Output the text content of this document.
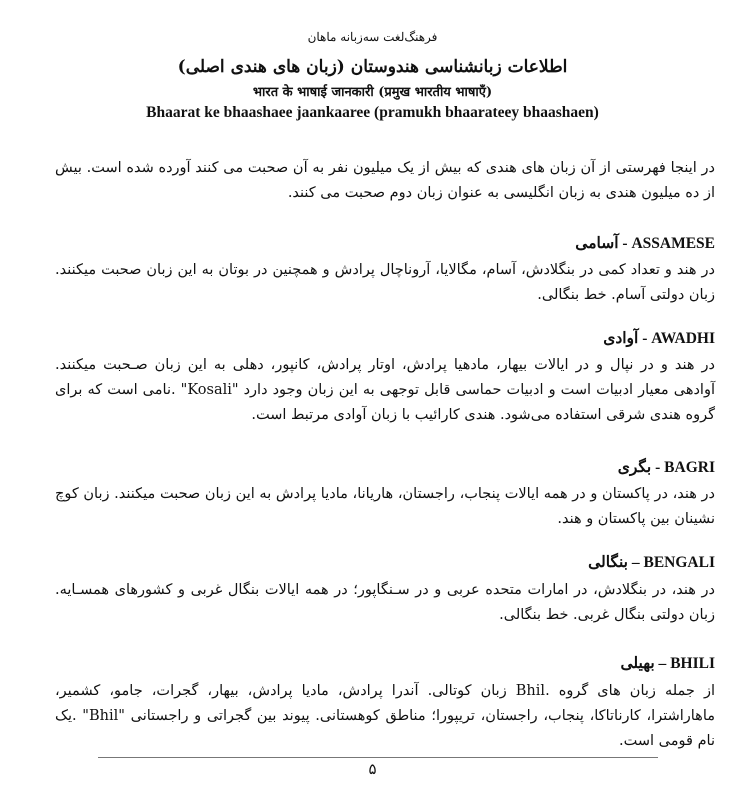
فرهنگ‌لغت سه‌زبانه ماهان
اطلاعات زبانشناسی هندوستان (زبان های هندی اصلی)
भारत के भाषाई जानकारी (प्रमुख भारतीय भाषाएँ)
Bhaarat ke bhaashaee jaankaaree (pramukh bhaarateey bhaashaen)
در اینجا فهرستی از آن زبان های هندی که بیش از یک میلیون نفر به آن صحبت می کنند آورده شده است. بیش از ده میلیون هندی به زبان انگلیسی به عنوان زبان دوم صحبت می کنند.
ASSAMESE - آسامی
در هند و تعداد کمی در بنگلادش، آسام، مگالایا، آروناچال پرادش و همچنین در بوتان به این زبان صحبت میکنند. زبان دولتی آسام. خط بنگالی.
AWADHI - آوادی
در هند و در نپال و در ایالات بیهار، مادهیا پرادش، اوتار پرادش، کانپور، دهلی به این زبان صـحبت میکنند. آوادهی معیار ادبیات است و ادبیات حماسی قابل توجهی به این زبان وجود دارد "Kosali" .نامی است که برای گروه هندی شرقی استفاده می‌شود. هندی کارائیب با زبان آوادی مرتبط است.
BAGRI - بگری
در هند، در پاکستان و در همه ایالات پنجاب، راجستان، هاریانا، مادیا پرادش به این زبان صحبت میکنند. زبان کوچ نشینان بین پاکستان و هند.
BENGALI – بنگالی
در هند، در بنگلادش، در امارات متحده عربی و در سـنگاپور؛ در همه ایالات بنگال غربی و کشورهای همسـایه. زبان دولتی بنگال غربی. خط بنگالی.
BHILI – بهیلی
از جمله زبان های گروه .Bhil زبان کوتالی. آندرا پرادش، مادیا پرادش، بیهار، گجرات، جامو، کشمیر، ماهاراشترا، کارناتاکا، پنجاب، راجستان، تریپورا؛ مناطق کوهستانی. پیوند بین گجراتی و راجستانی "Bhil" .یک نام قومی است.
۵
